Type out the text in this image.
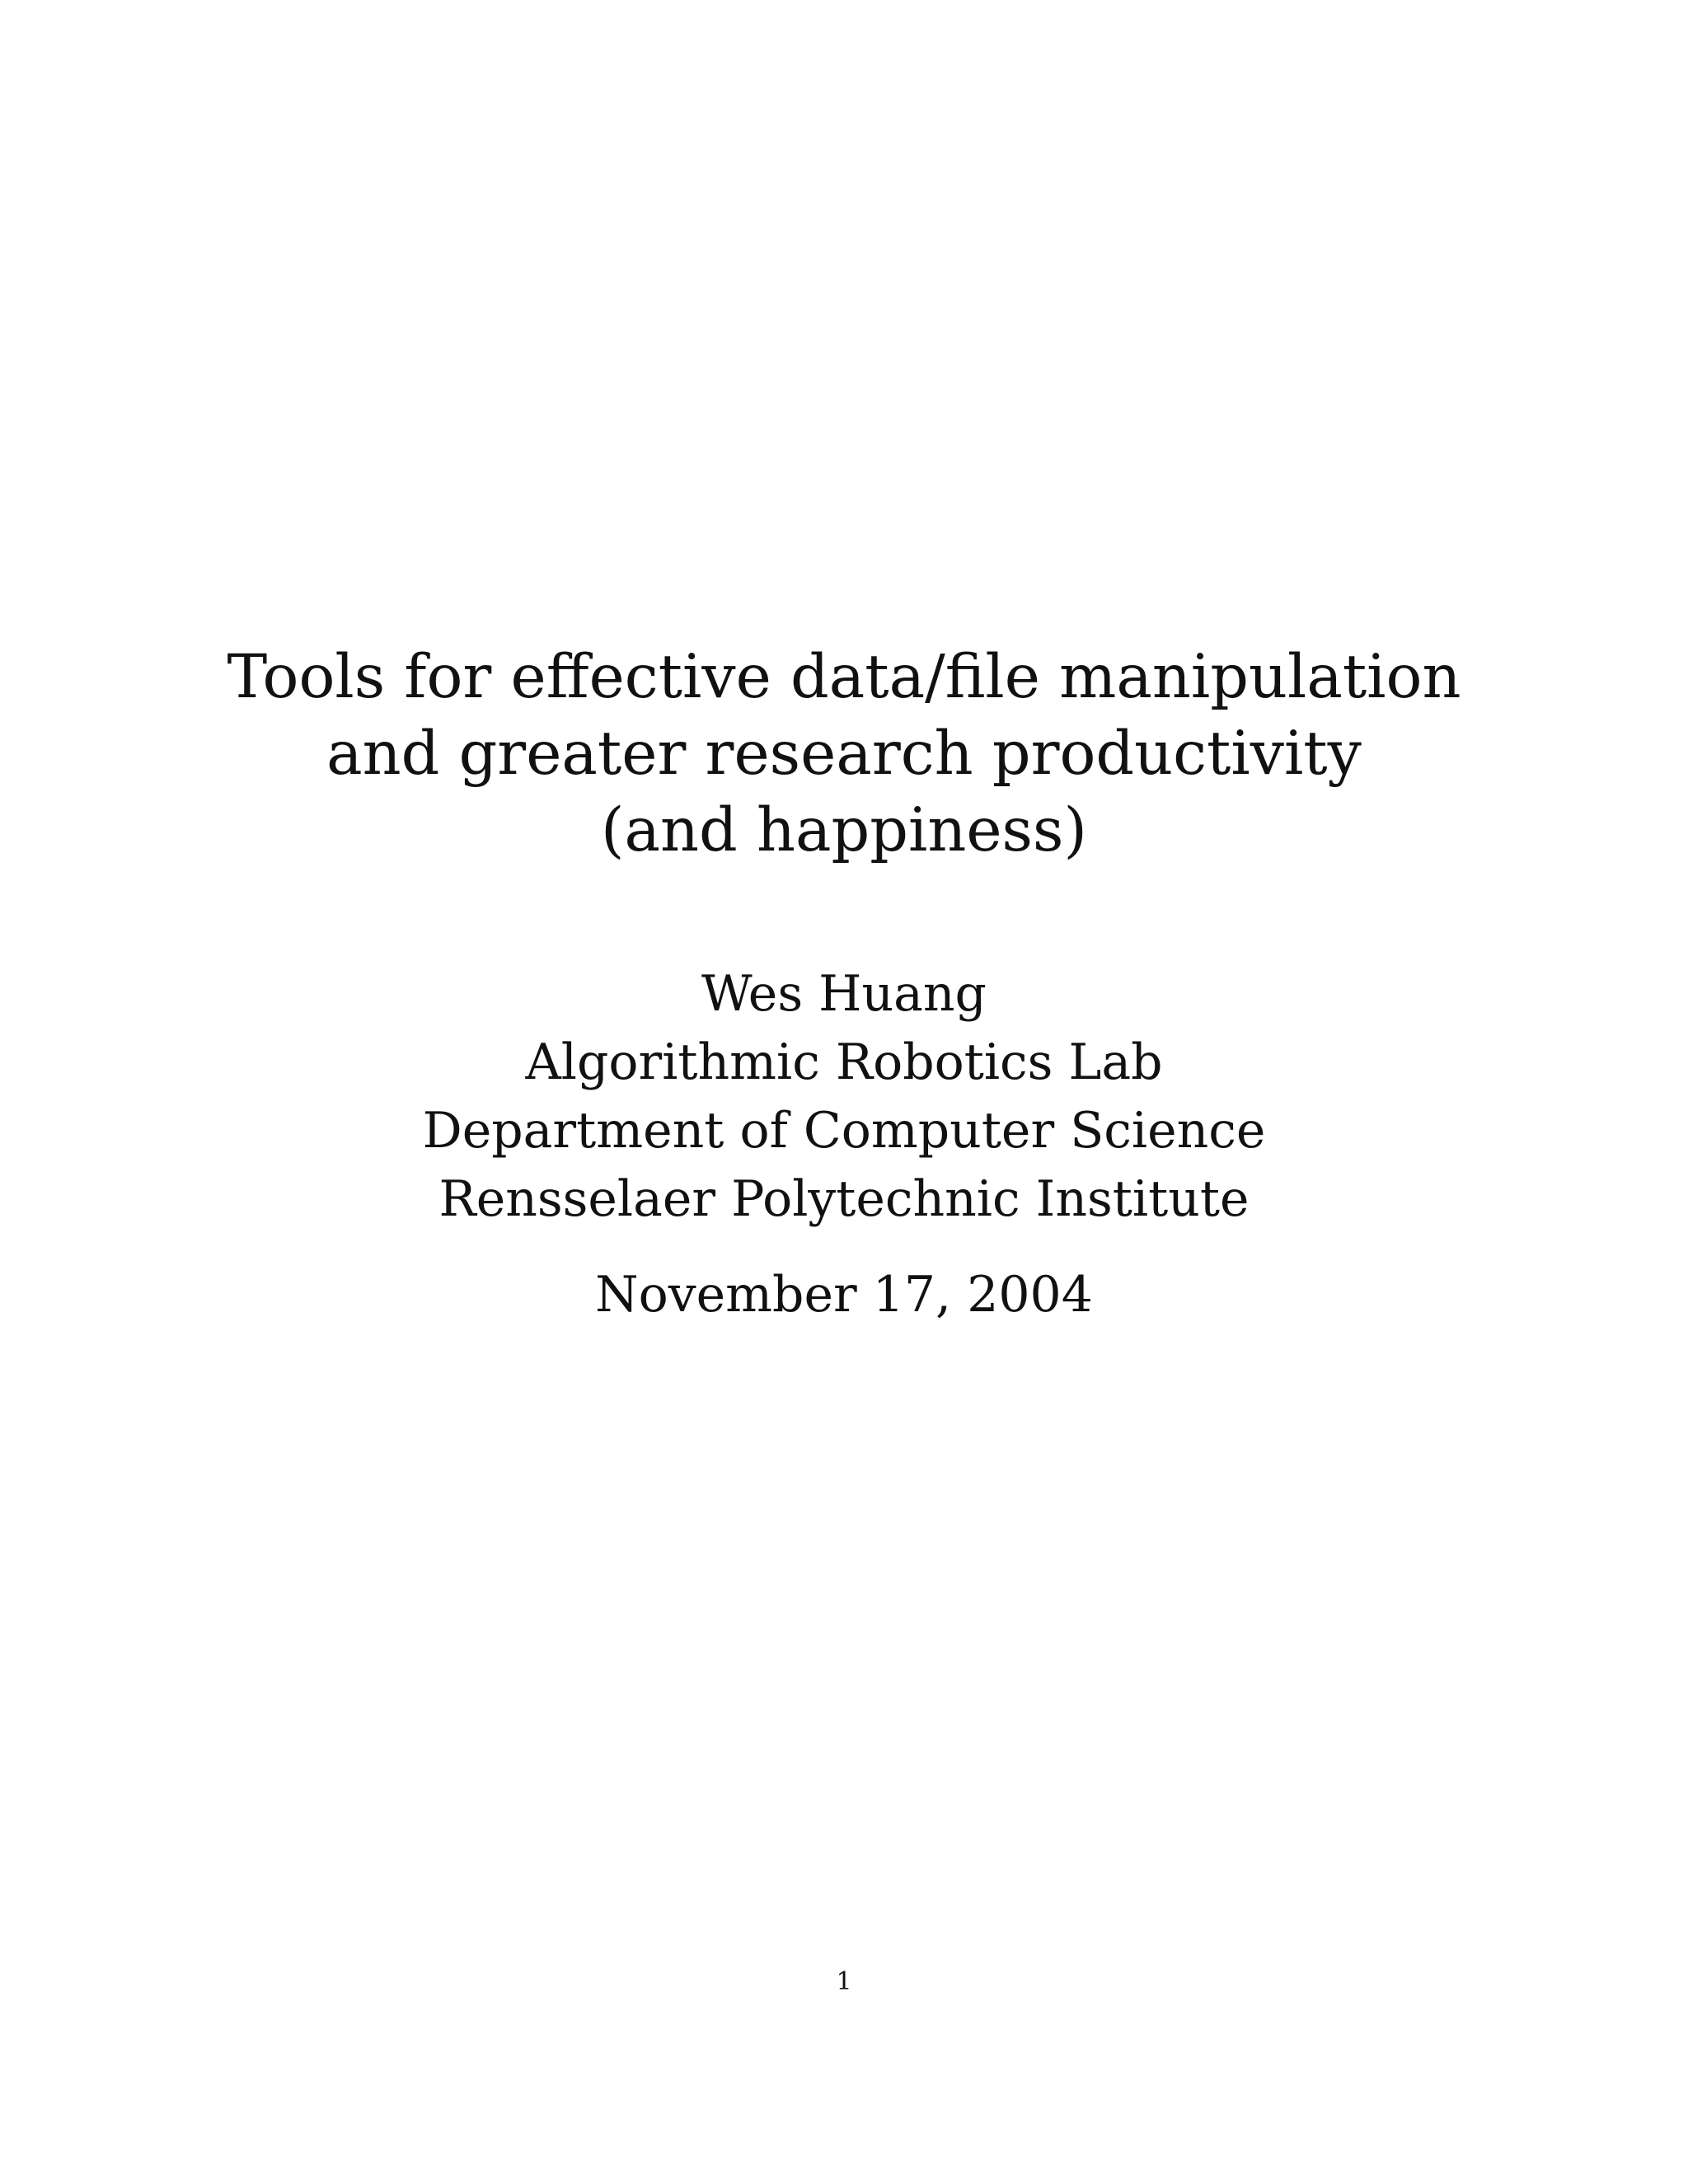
Tools for effective data/file manipulation
and greater research productivity
(and happiness)
Wes Huang
Algorithmic Robotics Lab
Department of Computer Science
Rensselaer Polytechnic Institute
November 17, 2004
1
